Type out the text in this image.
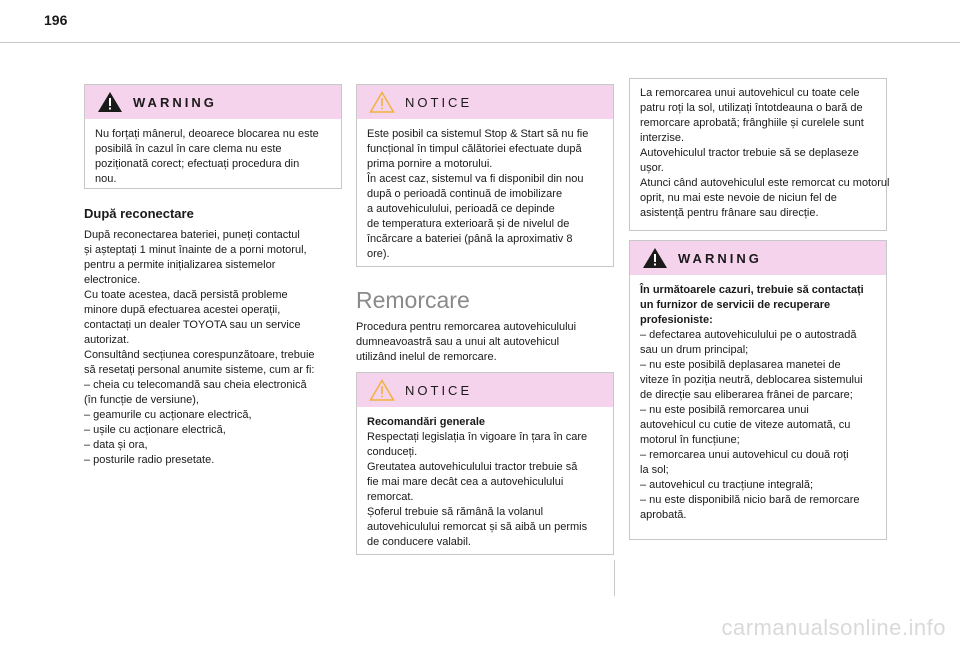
196
WARNING
Nu forțați mânerul, deoarece blocarea nu este
posibilă în cazul în care clema nu este
poziționată corect; efectuați procedura din
nou.
După reconectare
După reconectarea bateriei, puneți contactul
și așteptați 1 minut înainte de a porni motorul,
pentru a permite inițializarea sistemelor
electronice.
Cu toate acestea, dacă persistă probleme
minore după efectuarea acestei operații,
contactați un dealer TOYOTA sau un service
autorizat.
Consultând secțiunea corespunzătoare, trebuie
să resetați personal anumite sisteme, cum ar fi:
– cheia cu telecomandă sau cheia electronică
(în funcție de versiune),
– geamurile cu acționare electrică,
– ușile cu acționare electrică,
– data și ora,
– posturile radio presetate.
NOTICE
Este posibil ca sistemul Stop & Start să nu fie
funcțional în timpul călătoriei efectuate după
prima pornire a motorului.
În acest caz, sistemul va fi disponibil din nou
după o perioadă continuă de imobilizare
a autovehiculului, perioadă ce depinde
de temperatura exterioară și de nivelul de
încărcare a bateriei (până la aproximativ 8
ore).
Remorcare
Procedura pentru remorcarea autovehiculului
dumneavoastră sau a unui alt autovehicul
utilizând inelul de remorcare.
NOTICE
Recomandări generale
Respectați legislația în vigoare în țara în care
conduceți.
Greutatea autovehiculului tractor trebuie să
fie mai mare decât cea a autovehiculului
remorcat.
Șoferul trebuie să rămână la volanul
autovehiculului remorcat și să aibă un permis
de conducere valabil.
La remorcarea unui autovehicul cu toate cele
patru roți la sol, utilizați întotdeauna o bară de
remorcare aprobată; frânghiile și curelele sunt
interzise.
Autovehiculul tractor trebuie să se deplaseze
ușor.
Atunci când autovehiculul este remorcat cu motorul
oprit, nu mai este nevoie de niciun fel de
asistență pentru frânare sau direcție.
WARNING
În următoarele cazuri, trebuie să contactați
un furnizor de servicii de recuperare
profesioniste:
– defectarea autovehiculului pe o autostradă
sau un drum principal;
– nu este posibilă deplasarea manetei de
viteze în poziția neutră, deblocarea sistemului
de direcție sau eliberarea frânei de parcare;
– nu este posibilă remorcarea unui
autovehicul cu cutie de viteze automată, cu
motorul în funcțiune;
– remorcarea unui autovehicul cu două roți
la sol;
– autovehicul cu tracțiune integrală;
– nu este disponibilă nicio bară de remorcare
aprobată.
carmanualsonline.info
